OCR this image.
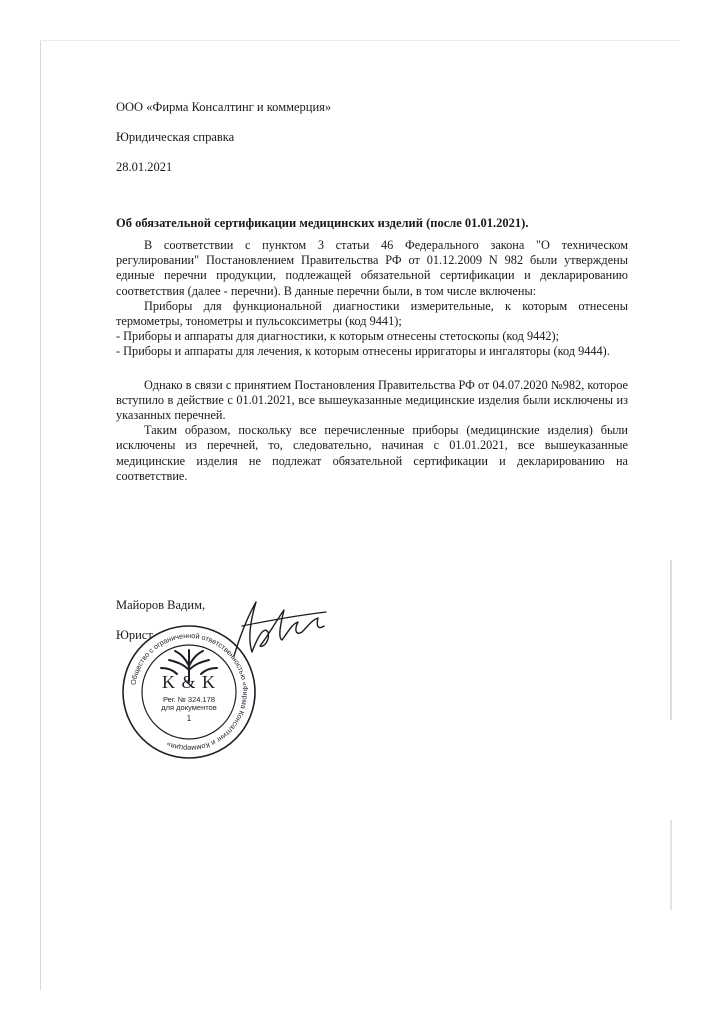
ООО «Фирма Консалтинг и коммерция»
Юридическая справка
28.01.2021
Об обязательной сертификации медицинских изделий (после 01.01.2021).

В соответствии с пунктом 3 статьи 46 Федерального закона "О техническом регулировании" Постановлением Правительства РФ от 01.12.2009 N 982 были утверждены единые перечни продукции, подлежащей обязательной сертификации и декларированию соответствия (далее - перечни). В данные перечни были, в том числе включены:

Приборы для функциональной диагностики измерительные, к которым отнесены термометры, тонометры и пульсоксиметры (код 9441);

- Приборы и аппараты для диагностики, к которым отнесены стетоскопы (код 9442);

- Приборы и аппараты для лечения, к которым отнесены ирригаторы и ингаляторы (код 9444).

Однако в связи с принятием Постановления Правительства РФ от 04.07.2020 №982, которое вступило в действие с 01.01.2021, все вышеуказанные медицинские изделия были исключены из указанных перечней.

Таким образом, поскольку все перечисленные приборы (медицинские изделия) были исключены из перечней, то, следовательно, начиная с 01.01.2021, все вышеуказанные медицинские изделия не подлежат обязательной сертификации и декларированию на соответствие.

Майоров Вадим,
Юрист
Общество с ограниченной ответственностью «Фирма Консалтинг и Коммерция»
K & K
Рег. № 324.178
для документов
1
